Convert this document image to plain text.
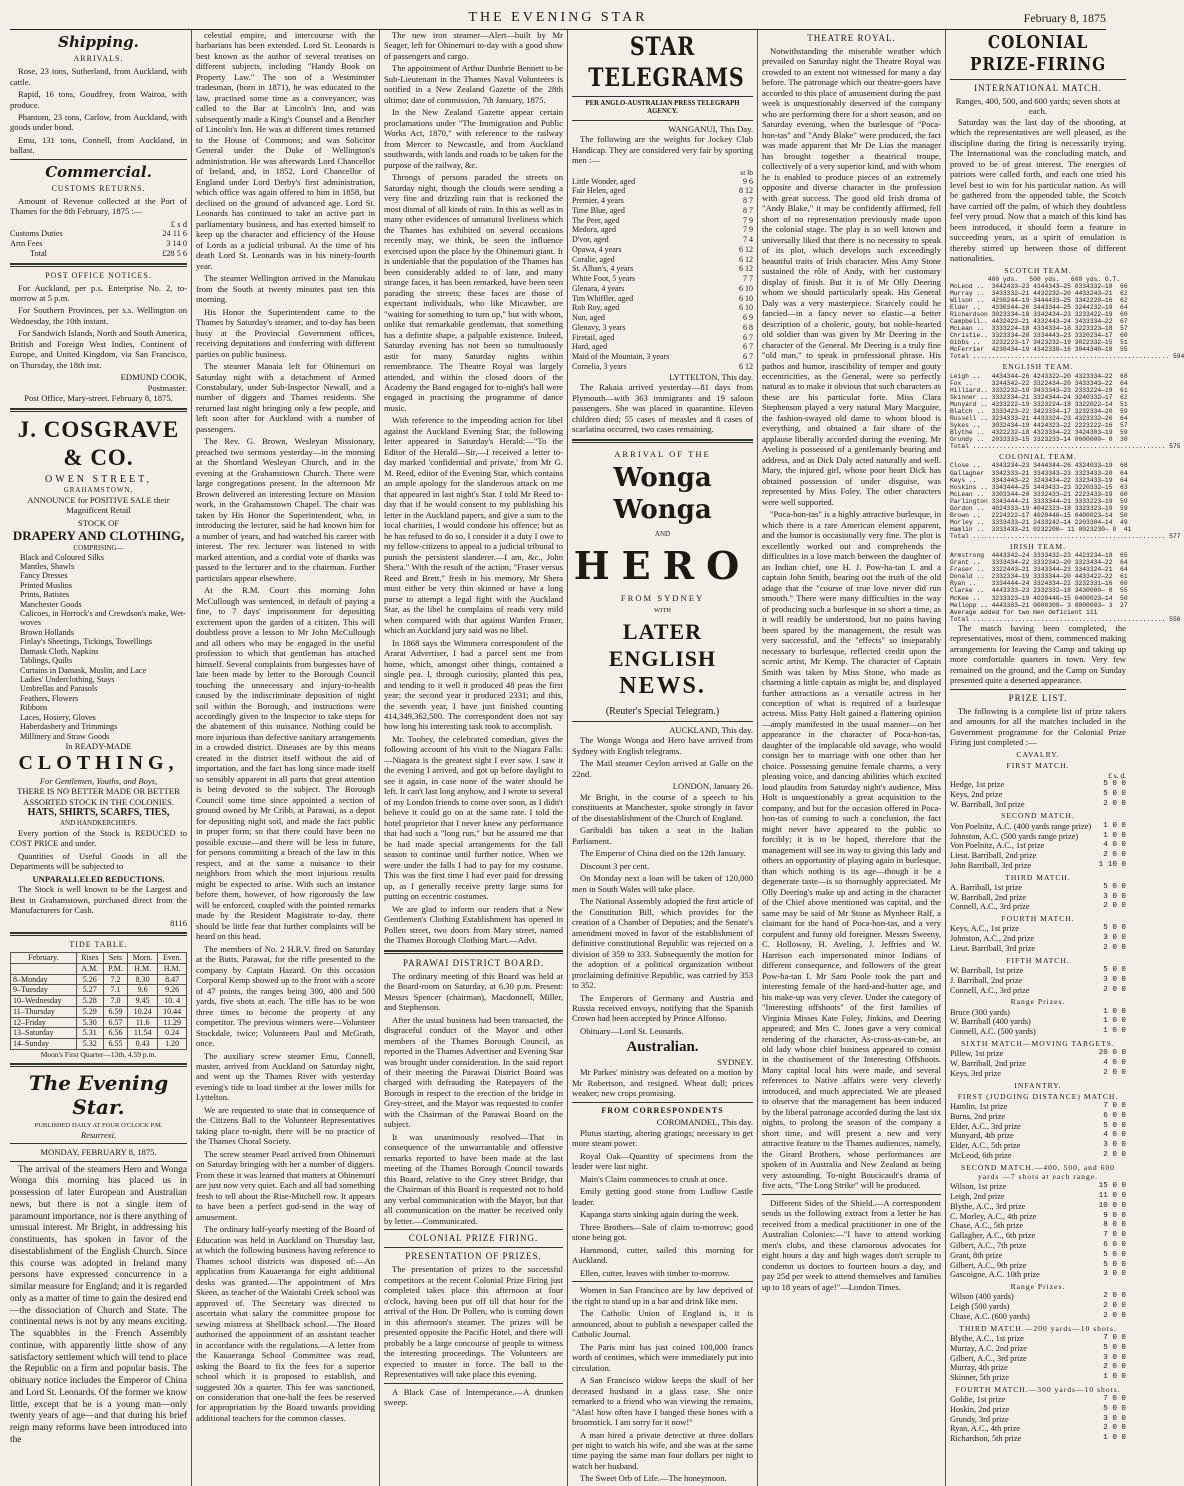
THE EVENING STAR	February 8, 1875
Shipping.
ARRIVALS.

Rose, 23 tons, Sutherland, from Auckland, with cattle.

Rapid, 16 tons, Goudfrey, from Wairoa, with produce.

Phantom, 23 tons, Carlow, from Auckland, with goods under bond.

Emu, 131 tons, Connell, from Auckland, in ballast.

Commercial.
CUSTOMS RETURNS.

Amount of Revenue collected at the Port of Thames for the 8th February, 1875 :—

£ s d
Customs Duties	24 11 6
Arm Fees	3 14 0
Total	£28 5 6
POST OFFICE NOTICES.

For Auckland, per p.s. Enterprise No. 2, to-morrow at 5 p.m.

For Southern Provinces, per s.s. Wellington on Wednesday, the 10th instant.

For Sandwich Islands, North and South America, British and Foreign West Indies, Continent of Europe, and United Kingdom, via San Francisco, on Thursday, the 18th inst.

EDMUND COOK,
Postmaster.
Post Office, Mary-street. February 8, 1875.
J. COSGRAVE & CO.
OWEN STREET,
GRAHAMSTOWN,

ANNOUNCE for POSITIVE SALE their Magnificent Retail

STOCK OF
DRAPERY AND CLOTHING,
COMPRISING—
Black and Coloured Silks
Mantles, Shawls
Fancy Dresses
Printed Muslins
Prints, Batistes
Manchester Goods
Calicoes, in Horrock's and Crewdson's make, Wet-woves
Brown Hollands
Finlay's Sheetings, Tickings, Towellings
Damask Cloth, Napkins
Tablings, Quilts
Curtains in Damask, Muslin, and Lace
Ladies' Underclothing, Stays
Umbrellas and Parasols
Feathers, Flowers
Ribbons
Laces, Hosiery, Gloves
Haberdashery and Trimmings
Millinery and Straw Goods
In READY-MADE
CLOTHING,
For Gentlemen, Youths, and Boys,
THERE IS NO BETTER MADE OR BETTER ASSORTED STOCK IN THE COLONIES.
HATS, SHIRTS, SCARFS, TIES,
AND HANDKERCHIEFS.

Every portion of the Stock is REDUCED to COST PRICE and under.

Quantities of Useful Goods in all the Departments will be subjected to

UNPARALLELED REDUCTIONS.

The Stock is well known to be the Largest and Best in Grahamstown, purchased direct from the Manufacturers for Cash.

8116
TIDE TABLE.
February.	Rises	Sets	Morn.	Even.
	A.M.	P.M.	H.M.	H.M.
8–Monday	5.26	7.2	8.30	8.47
9–Tuesday	5.27	7.1	9.6	9.26
10–Wednesday	5.28	7.0	9.45	10. 4
11–Thursday	5.29	6.59	10.24	10.44
12–Friday	5.30	6.57	11.6	11.29
13–Saturday	5.31	6.56	11.54	0.24
14–Sunday	5.32	6.55	0.43	1.20
Moon's First Quarter—13th, 4.59 p.m.
The Evening Star.
PUBLISHED DAILY AT FOUR O'CLOCK P.M.
Resurrexi.
MONDAY, FEBRUARY 8, 1875.

The arrival of the steamers Hero and Wonga Wonga this morning has placed us in possession of later European and Australian news, but there is not a single item of paramount importance, nor is there anything of unusual interest. Mr Bright, in addressing his constituents, has spoken in favor of the disestablishment of the English Church. Since this course was adopted in Ireland many persons have expressed concurrence in a similar measure for England; and it is regarded only as a matter of time to gain the desired end—the dissociation of Church and State. The continental news is not by any means exciting. The squabbles in the French Assembly continue, with apparently little show of any satisfactory settlement which will tend to place the Republic on a firm and popular basis. The obituary notice includes the Emperor of China and Lord St. Leonards. Of the former we know little, except that he is a young man—only twenty years of age—and that during his brief reign many reforms have been introduced into the

celestial empire, and intercourse with the barbarians has been extended. Lord St. Leonards is best known as the author of several treatises on different subjects, including "Handy Book on Property Law." The son of a Westminster tradesman, (born in 1871), he was educated to the law, practised some time as a conveyancer, was called to the Bar at Lincoln's Inn, and was subsequently made a King's Counsel and a Bencher of Lincoln's Inn. He was at different times returned to the House of Commons; and was Solicitor General under the Duke of Wellington's administration. He was afterwards Lord Chancellor of Ireland, and, in 1852, Lord Chancellor of England under Lord Derby's first administration, which office was again offered to him in 1858, but declined on the ground of advanced age. Lord St. Leonards has continued to take an active part in parliamentary business, and has exerted himself to keep up the character and efficiency of the House of Lords as a judicial tribunal. At the time of his death Lord St. Leonards was in his ninety-fourth year.

The steamer Wellington arrived in the Manukau from the South at twenty minutes past ten this morning.

His Honor the Superintendent came to the Thames by Saturday's steamer, and to-day has been busy at the Provincial Government offices, receiving deputations and conferring with different parties on public business.

The steamer Manaia left for Ohinemuri on Saturday night with a detachment of Armed Constabulary, under Sub-Inspector Newall, and a number of diggers and Thames residents. She returned last night bringing only a few people, and left soon after for Auckland with a number of passengers.

The Rev. G. Brown, Wesleyan Missionary, preached two sermons yesterday—in the morning at the Shortland Wesleyan Church, and in the evening at the Grahamstown Church. There were large congregations present. In the afternoon Mr Brown delivered an interesting lecture on Mission work, in the Grahamstown Chapel. The chair was taken by His Honor the Superintendent, who, in introducing the lecturer, said he had known him for a number of years, and had watched his career with interest. The rev. lecturer was listened to with marked attention, and a cordial vote of thanks was passed to the lecturer and to the chairman. Further particulars appear elsewhere.

At the R.M. Court this morning John McCullough was sentenced, in default of paying a fine, to 7 days' imprisonment for depositing excrement upon the garden of a citizen. This will doubtless prove a lesson to Mr John McCullough and all others who may be engaged in the useful profession to which that gentleman has attached himself. Several complaints from burgesses have of late been made by letter to the Borough Council touching the unnecessary and injury-to-health caused by the indiscriminate deposition of night soil within the Borough, and instructions were accordingly given to the Inspector to take steps for the abatement of this nuisance. Nothing could be more injurious than defective sanitary arrangements in a crowded district. Diseases are by this means created in the district itself without the aid of importation, and the fact has long since made itself so sensibly apparent in all parts that great attention is being devoted to the subject. The Borough Council some time since appointed a section of ground owned by Mr Cribb, at Parawai, as a depot for depositing night soil, and made the fact public in proper form; so that there could have been no possible excuse—and there will be less in future, for persons committing a breach of the law in this respect, and at the same a nuisance to their neighbors from which the most injurious results might be expected to arise. With such an instance before them, however, of how rigorously the law will be enforced, coupled with the pointed remarks made by the Resident Magistrate to-day, there should be little fear that further complaints will be heard on this head.

The members of No. 2 H.R.V. fired on Saturday at the Butts, Parawai, for the rifle presented to the company by Captain Hazard. On this occasion Corporal Kemp showed up to the front with a score of 47 points, the ranges being 300, 400 and 500 yards, five shots at each. The rifle has to be won three times to become the property of any competitor. The previous winners were—Volunteer Stockdale, twice; Volunteers Paul and McGrath, once.

The auxiliary screw steamer Emu, Connell, master, arrived from Auckland on Saturday night, and went up the Thames River with yesterday evening's tide to load timber at the lower mills for Lyttelton.

We are requested to state that in consequence of the Citizens Ball to the Volunteer Representatives taking place to-night, there will be no practice of the Thames Choral Society.

The screw steamer Pearl arrived from Ohinemuri on Saturday bringing with her a number of diggers. From these it was learned that matters at Ohinemuri are just now very quiet. Each and all had something fresh to tell about the Rise-Mitchell row. It appears to have been a perfect god-send in the way of amusement.

The ordinary half-yearly meeting of the Board of Education was held in Auckland on Thursday last, at which the following business having reference to Thames school districts was disposed of:—An application from Kauaeranga for eight additional desks was granted.—The appointment of Mrs Skeen, as teacher of the Waiotahi Creek school was approved of. The Secretary was directed to ascertain what salary the committee propose for sewing mistress at Shellback school.—The Board authorised the appointment of an assistant teacher in accordance with the regulations.—A letter from the Kauaeranga School Committee was read, asking the Board to fix the fees for a superior school which it is proposed to establish, and suggested 30s a quarter. This fee was sanctioned, on consideration that one-half the fees be reserved for appropriation by the Board towards providing additional teachers for the common classes.

The new iron steamer—Alert—built by Mr Seager, left for Ohinemuri to-day with a good show of passengers and cargo.

The appointment of Arthur Dunbrie Bennett to be Sub-Lieutenant in the Thames Naval Volunteers is notified in a New Zealand Gazette of the 28th ultimo; date of commission, 7th January, 1875.

In the New Zealand Gazette appear certain proclamations under "The Immigration and Public Works Act, 1870," with reference to the railway from Mercer to Newcastle, and from Auckland southwards, with lands and roads to be taken for the purpose of the railway, &c.

Throngs of persons paraded the streets on Saturday night, though the clouds were sending a very fine and drizzling rain that is reckoned the most dismal of all kinds of rain. In this as well as in many other evidences of unnatural liveliness which the Thames has exhibited on several occasions recently may, we think, be seen the influence exercised upon the place by the Ohinemuri giant. It is undeniable that the population of the Thames has been considerably added to of late, and many strange faces, it has been remarked, have been seen parading the streets; these faces are those of expectant individuals, who like Micawber, are "waiting for something to turn up," but with whom, unlike that remarkable gentleman, that something has a definite shape, a palpable existence. Indeed, Saturday evening has not been so tumultuously astir for many Saturday nights within remembrance. The Theatre Royal was largely attended, and within the closed doors of the Academy the Band engaged for to-night's ball were engaged in practising the programme of dance music.

With reference to the impending action for libel against the Auckland Evening Star, the following letter appeared in Saturday's Herald:—"To the Editor of the Herald—Sir,—I received a letter to-day marked 'confidential and private,' from Mr G. M. Reed, editor of the Evening Star, which contains an ample apology for the slanderous attack on me that appeared in last night's Star. I told Mr Reed to-day that if he would consent to my publishing his letter in the Auckland papers, and give a sum to the local charities, I would condone his offence; but as he has refused to do so, I consider it a duty I owe to my fellow-citizens to appeal to a judicial tribunal to punish the persistent slanderer.—I am, &c., John Shera." With the result of the action, "Fraser versus Reed and Brett," fresh in his memory, Mr Shera must either be very thin skinned or have a long purse to attempt a legal fight with the Auckland Star, as the libel he complains of reads very mild when compared with that against Warden Fraser, which an Auckland jury said was no libel.

In 1868 says the Wimmera correspondent of the Ararat Advertiser, I had a parcel sent me from home, which, amongst other things, contained a single pea. I, through curiosity, planted this pea, and tending to it well it produced 48 peas the first year; the second year it produced 2331; and this, the seventh year, I have just finished counting 414,349,362,500. The correspondent does not say how long his interesting task took to accomplish.

Mr. Toohey, the celebrated comedian, gives the following account of his visit to the Niagara Falls:—Niagara is the greatest sight I ever saw. I saw it the evening I arrived, and got up before daylight to see it again, in case none of the water should be left. It can't last long anyhow, and I wrote to several of my London friends to come over soon, as I didn't believe it could go on at the same rate. I told the hotel proprietor that I never knew any performance that had such a "long run," but he assured me that he had made special arrangements for the fall season to continue until further notice. When we were under the falls I had to pay for my costume. This was the first time I had ever paid for dressing up, as I generally receive pretty large sums for putting on eccentric costumes.

We are glad to inform our readers that a New Gentlemen's Clothing Establishment has opened in Pollen street, two doors from Mary street, named the Thames Borough Clothing Mart.—Advt.

PARAWAI DISTRICT BOARD.

The ordinary meeting of this Board was held at the Board-room on Saturday, at 6.30 p.m. Present: Messrs Spencer (chairman), Macdonnell, Miller, and Stephenson.

After the usual business had been transacted, the disgraceful conduct of the Mayor and other members of the Thames Borough Council, as reported in the Thames Advertiser and Evening Star was brought under consideration. In the said report of their meeting the Parawai District Board was charged with defrauding the Ratepayers of the Borough in respect to the erection of the bridge in Grey-street, and the Mayor was requested to confer with the Chairman of the Parawai Board on the subject.

It was unanimously resolved—That in consequence of the unwarrantable and offensive remarks reported to have been made at the last meeting of the Thames Borough Council towards this Board, relative to the Grey street Bridge, that the Chairman of this Board is requested not to hold any verbal communication with the Mayor, but that all communication on the matter be received only by letter.—Communicated.

COLONIAL PRIZE FIRING.
PRESENTATION OF PRIZES.

The presentation of prizes to the successful competitors at the recent Colonial Prize Firing just completed takes place this afternoon at four o'clock, having been put off till that hour for the arrival of the Hon. Dr Pollen, who is coming down in this afternoon's steamer. The prizes will be presented opposite the Pacific Hotel, and there will probably be a large concourse of people to witness the interesting proceedings. The Volunteers are expected to muster in force. The ball to the Representatives will take place this evening.

A Black Case of Intemperance.—A drunken sweep.

STAR TELEGRAMS
PER ANGLO-AUSTRALIAN PRESS TELEGRAPH AGENCY.
WANGANUI, This Day.

The following are the weights for Jockey Club Handicap. They are considered very fair by sporting men :—

st lb
Little Wonder, aged	9 6
Fair Helen, aged	8 12
Premier, 4 years	8 7
Time Blue, aged	8 7
The Peer, aged	7 9
Medora, aged	7 9
D'vor, aged	7 4
Opawa, 4 years	6 12
Coralie, aged	6 12
St. Alban's, 4 years	6 12
White Foot, 5 years	7 7
Glenara, 4 years	6 10
Tim Whiffler, aged	6 10
Rob Roy, aged	6 10
Nun, aged	6 9
Glenavy, 3 years	6 8
Firetail, aged	6 7
Hard, aged	6 7
Maid of the Mountain, 3 years	6 7
Cornelia, 3 years	6 12
LYTTELTON, This day.

The Rakaia arrived yesterday—81 days from Plymouth—with 363 immigrants and 19 saloon passengers. She was placed in quarantine. Eleven children died; 55 cases of measles and 8 cases of scarlatina occurred, two cases remaining.

ARRIVAL OF THE
Wonga Wonga
AND
HERO
FROM SYDNEY
WITH
LATER ENGLISH
NEWS.
(Reuter's Special Telegram.)
AUCKLAND, This day.

The Wonga Wonga and Hero have arrived from Sydney with English telegrams.

The Mail steamer Ceylon arrived at Galle on the 22nd.

LONDON, January 26.

Mr Bright, in the course of a speech to his constituents at Manchester, spoke strongly in favor of the disestablishment of the Church of England.

Garibaldi has taken a seat in the Italian Parliament.

The Emperor of China died on the 12th January.

Discount 3 per cent.

On Monday next a loan will be taken of 120,000 men in South Wales will take place.

The National Assembly adopted the first article of the Constitution Bill, which provides for the creation of a Chamber of Deputies; and the Senate's amendment moved in favor of the establishment of definitive constitutional Republic was rejected on a division of 359 to 333. Subsequently the motion for the adoption of a political organization without proclaiming definitive Republic, was carried by 353 to 352.

The Emperors of Germany and Austria and Russia received envoys, notifying that the Spanish Crown had been accepted by Prince Alfonso.

Obituary—Lord St. Leonards.

Australian.
SYDNEY.

Mr Parkes' ministry was defeated on a motion by Mr Robertson, and resigned. Wheat dull; prices weaker; new crops promising.

FROM CORRESPONDENTS
COROMANDEL, This day.

Plutus starting, altering gratings; necessary to get more steam power.

Royal Oak—Quantity of specimens from the leader were last night.

Main's Claim commences to crush at once.

Emily getting good stone from Ludlow Castle leader.

Kapanga starts sinking again during the week.

Three Brothers—Sale of claim to-morrow; good stone being got.

Hammond, cutter, sailed this morning for Auckland.

Ellen, cutter, leaves with timber to-morrow.

Women in San Francisco are by law deprived of the right to stand up in a bar and drink like men.

The Catholic Union of England is, it is announced, about to publish a newspaper called the Catholic Journal.

The Paris mint has just coined 100,000 francs worth of centimes, which were immediately put into circulation.

A San Francisco widow keeps the skull of her deceased husband in a glass case. She once remarked to a friend who was viewing the remains, "Alas! how often have I banged these bones with a broomstick. I am sorry for it now!"

A man hired a private detective at three dollars per night to watch his wife, and she was at the same time paying the same man four dollars per night to watch her husband.

The Sweet Orb of Life.—The honeymoon.

THEATRE ROYAL.

Notwithstanding the miserable weather which prevailed on Saturday night the Theatre Royal was crowded to an extent not witnessed for many a day before. The patronage which our theatre-goers have accorded to this place of amusement during the past week is unquestionably deserved of the company who are performing there for a short season, and on Saturday evening, when the burlesque of "Poca-hon-tas" and "Andy Blake" were produced, the fact was made apparent that Mr De Lias the manager has brought together a theatrical troupe, collectively of a very superior kind, and with whom he is enabled to produce pieces of an extremely opposite and diverse character in the profession with great success. The good old Irish drama of "Andy Blake," it may be confidently affirmed, fell short of no representation previously made upon the colonial stage. The play is so well known and universally liked that there is no necessity to speak of its plot, which develops such exceedingly beautiful traits of Irish character. Miss Amy Stone sustained the rôle of Andy, with her customary display of finish. But it is of Mr Olly Deering whom we should particularly speak. His General Daly was a very masterpiece. Scarcely could he fancied—in a fancy never so elastic—a better description of a choleric, gouty, but noble-hearted old soldier than was given by Mr Deering in the character of the General. Mr Deering is a truly fine "old man," to speak in professional phrase. His pathos and humor, irascibility of temper and gouty eccentricities, as the General, were so perfectly natural as to make it obvious that such characters as these are his particular forte. Miss Clara Stephenson played a very natural Mary Macguire, the fashion-swayed old dame to whom blood is everything, and obtained a fair share of the applause liberally accorded during the evening. Mr Aveling is possessed of a gentlemanly bearing and address, and as Dick Daly acted naturally and well. Mary, the injured girl, whose poor heart Dick has obtained possession of under disguise, was represented by Miss Foley. The other characters were well supported.

"Poca-hon-tas" is a highly attractive burlesque, in which there is a rare American element apparent, and the humor is occasionally very fine. The plot is excellently worked out and comprehends the difficulties in a love match between the daughter of an Indian chief, one H. J. Pow-ha-tan I. and a captain John Smith, bearing out the truth of the old adage that the "course of true love never did run smooth." There were many difficulties in the way of producing such a burlesque in so short a time, as it will readily be understood, but no pains having been spared by the management, the result was very successful, and the "effects" so inseparably necessary to burlesque, reflected credit upon the scenic artist, Mr Kemp. The character of Captain Smith was taken by Miss Stone, who made as charming a little captain as might be, and displayed further attractions as a versatile actress in her conception of what is required of a burlesque actress. Miss Patty Holt gained a flattering opinion—amply manifested in the usual manner—on her appearance in the character of Poca-hon-tas, daughter of the implacable old savage, who would consign her to marriage with one other than her choice. Possessing genuine female charms, a very pleasing voice, and dancing abilities which excited loud plaudits from Saturday night's audience, Miss Holt is unquestionably a great acquisition to the company, and but for the occasion offered in Poca-hon-tas of coming to such a conclusion, the fact might never have appeared to the public so forcibly; it is to be hoped, therefore that the management will see its way to giving this lady and others an opportunity of playing again in burlesque, than which nothing is its age—though it be a degenerate taste—is so thoroughly appreciated. Mr Olly Deering's make up and acting in the character of the Chief above mentioned was capital, and the same may be said of Mr Stone as Mynheer Ralf, a claimant for the hand of Poca-hon-tas, and a very corpulent and funny old foreigner. Messrs Sweeny, C. Holloway, H. Aveling, J. Jeffries and W. Harrison each impersonated minor Indians of different consequence, and followers of the great Pow-ha-tan I. Mr Sam Poole took the part and interesting female of the hard-and-butter age, and his make-up was very clever. Under the category of "Interesting offshoots" of the first families of Virginia Misses Kate Foley, Jinkins, and Deering appeared; and Mrs C. Jones gave a very comical rendering of the character, As-cross-as-can-be, an old lady whose chief business appeared to consist in the chastisement of the Interesting Offshoots. Many capital local hits were made, and several references to Native affairs were very cleverly introduced, and much appreciated. We are pleased to observe that the management has been induced by the liberal patronage accorded during the last six nights, to prolong the season of the company a short time, and will present a new and very attractive feature to the Thames audiences, namely, the Girard Brothers, whose performances are spoken of in Australia and New Zealand as being very astounding. To-night Boucicault's drama of five acts, "The Long Strike" will be produced.

Different Sides of the Shield.—A correspondent sends us the following extract from a letter he has received from a medical practitioner in one of the Australian Colonies:—"I have to attend working men's clubs, and these clamorous advocates for eight hours a day and high wages don't scruple to condemn us doctors to fourteen hours a day, and pay 25d per week to attend themselves and families up to 18 years of age!"—London Times.

COLONIAL PRIZE-FIRING
INTERNATIONAL MATCH.
Ranges, 400, 500, and 600 yards; seven shots at each.

Saturday was the last day of the shooting, at which the representatives are well pleased, as the discipline during the firing is necessarily trying. The International was the concluding match, and proved to be of great interest. The energies of patriots were called forth, and each one tried his level best to win for his particular nation. As will be gathered from the appended table, the Scotch have carried off the palm, of which they doubtless feel very proud. Now that a match of this kind has been introduced, it should form a feature in succeeding years, as a spirit of emulation is thereby stirred up between those of different nationalities.

SCOTCH TEAM.
400 yds.   500 yds.   600 yds. G.T.
McLeod ..  3442433—23 4344343—25 0334332—18  66
Murray ..  3433332—21 4432232—20 4433243—21  62
Wilson ..  4230244—19 3444433—25 3342220—16  62
Elder ..   4330344—20 3443344—25 3244232—19  64
Richardson 3023334—18 3342434—23 3233422—19  60
Campbell.. 4432422—21 4332443—24 3433334—22  67
McLean ..  3333224—18 4334334—18 3223323—18  57
Christie.. 3323334—20 3334443—23 3320234—17  60
Gibbs ..   3232223—17 3423232—19 3022332—15  51
McFerrier  4230434—19 4342330—16 3044340—18  55
Total .................................................... 594
ENGLISH TEAM.
Leigh ..   4434344—26 4243322—20 4323334—22  68
Fox ..     3244342—22 3322434—20 3433343—22  64
Hilliard.. 3332232—19 3433343—23 2333224—19  61
Skinner .. 3332334—21 3324344—24 3240332—17  62
Munyard .. 4333222—19 3323224—18 3322022—14  51
Blatch ..  3333423—22 3423334—17 3232334—20  59
Russell .. 3234333—21 4433324—23 4323332—20  64
Sykes ..   3032434—19 4424323—22 2223222—16  57
Blythe ..  4322232—18 4323334—22 3424303—19  59
Grundy ..  2033333—15 3323233—14 0000000— 0  30
Total ................................................... 575
COLONIAL TEAM.
Close ..   4343234—23 3444344—26 4324033—19  68
Gallagher  3342333—21 3343343—23 3323433—20  64
Keys ..    3343443—22 3243434—22 3323433—19  64
Hoskins .. 3343444—25 3443433—23 3220332—15  63
McLean ..  3303344—20 3332433—21 2223433—19  60
Parlington 3343444—21 3333344—21 3333223—19  59
Gordon ..  4024333—19 4042323—18 3323323—19  59
Brown ..   2224322—17 4020440—15 0400023—14  50
Morley ..  3333433—21 2433242—14 2203304—14  49
Hamlin ..  3333433—21 0232200— 11 0023230— 9  41
Total ................................................... 577
IRISH TEAM.
Armstrong  4443342—24 3333432—23 4423234—18  65
Grant ..   3333434—22 3332342—20 3323434—22  64
Fraser ..  3322443—21 3343344—23 3343324—21  64
Donald ..  2332334—19 3333344—20 4433422—22  61
Ryan ..    3334444—24 3324334—22 3232331—16  60
Clarke ..  4443333—23 2332332—18 3430000— 8  55
McKee ..   3233323—19 4020440—15 0400023—14  50
Mellopp .. 4443303—21 0000300— 3 0000003— 3  27
Average added for two men deficient 111
Total ................................................... 556

The match having been completed, the representatives, most of them, commenced making arrangements for leaving the Camp and taking up more comfortable quarters in town. Very few remained on the ground, and the Camp on Sunday presented quite a deserted appearance.

PRIZE LIST.

The following is a complete list of prize takers and amounts for all the matches included in the Government programme for the Colonial Prize Firing just completed :—

CAVALRY.
FIRST MATCH.
£ s. d.
Hedge, 1st prize	5 0 0
Keys, 2nd prize	5 0 0
W. Barriball, 3rd prize	2 0 0
SECOND MATCH.
Von Poelnitz, A.C. (400 yards range prize)	1 0 0
Johnston, A.C. (500 yards range prize)	1 0 0
Von Poelnitz, A.C., 1st prize	4 0 0
Lieut. Barriball, 2nd prize	2 0 0
John Barriball, 3rd prize	1 10 0
THIRD MATCH.
A. Barriball, 1st prize	5 0 0
W. Barriball, 2nd prize	3 0 0
Connell, A.C., 3rd prize	2 0 0
FOURTH MATCH.
Keys, A.C., 1st prize	5 0 0
Johnston, A.C., 2nd prize	3 0 0
Lieut. Barriball, 3rd prize	2 0 0
FIFTH MATCH.
W. Barriball, 1st prize	5 0 0
J. Barriball, 2nd prize	3 0 0
Connell, A.C., 3rd prize	2 0 0
Range Prizes.
Bruce (300 yards)	1 0 0
W. Barriball (400 yards)	1 0 0
Connell, A.C. (500 yards)	1 0 0
SIXTH MATCH—MOVING TARGETS.
Pillew, 1st prize	20 0 0
W. Barriball, 2nd prize	4 0 0
Keys, 3rd prize	2 0 0
INFANTRY.
FIRST (JUDGING DISTANCE) MATCH.
Hamlin, 1st prize	7 0 0
Burns, 2nd prize	6 0 0
Elder, A.C., 3rd prize	5 0 0
Munyard, 4th prize	4 0 0
Elder, A.C., 5th prize	3 0 0
McLeod, 6th prize	2 0 0
SECOND MATCH.—400, 500, and 600 yards —7 shots at each range.
Wilson, 1st prize	15 0 0
Leigh, 2nd prize	11 0 0
Blythe, A.C., 3rd prize	10 0 0
C. Morley, A.C., 4th prize	9 0 0
Chase, A.C., 5th prize	8 0 0
Gallagher, A.C., 6th prize	7 0 0
Gilbert, A.C., 7th prize	6 0 0
Grant, 8th prize	5 0 0
Gilbert, A.C., 9th prize	5 0 0
Gascoigne, A.C. 10th prize	3 0 0
Range Prizes.
Wilson (400 yards)	2 0 0
Leigh (500 yards)	2 0 0
Chase, A.C. (600 yards)	2 0 0
THIRD MATCH.—200 yards—10 shots.
Blythe, A.C., 1st prize	7 0 0
Murray, A.C. 2nd prize	5 0 0
Gilbert, A.C., 3rd prize	3 0 0
Murray, 4th prize	2 0 0
Skinner, 5th prize	1 0 0
FOURTH MATCH.—300 yards—10 shots.
Goldie, 1st prize	7 0 0
Hoskin, 2nd prize	5 0 0
Grundy, 3rd prize	3 0 0
Ryan, A.C., 4th prize	2 0 0
Richardson, 5th prize	1 0 0
